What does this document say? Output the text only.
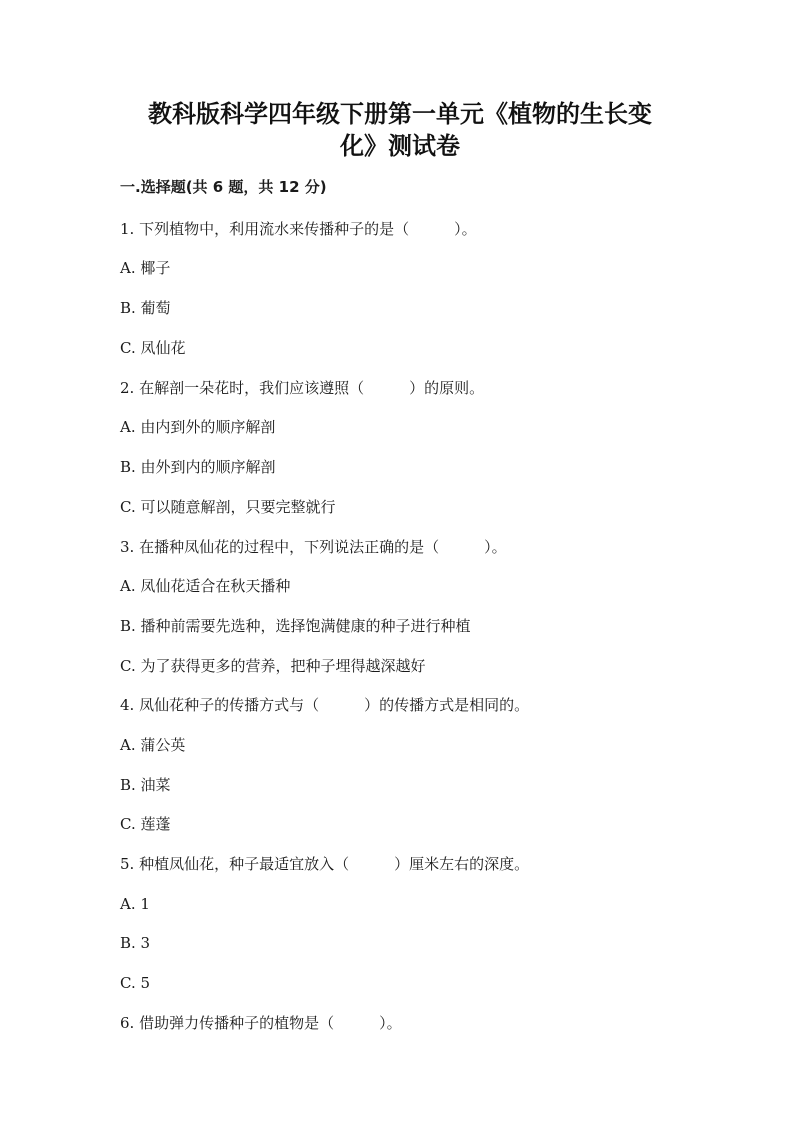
教科版科学四年级下册第一单元《植物的生长变
化》测试卷
一.选择题(共 6 题，共 12 分)
1. 下列植物中，利用流水来传播种子的是（　　　）。
A. 椰子
B. 葡萄
C. 凤仙花
2. 在解剖一朵花时，我们应该遵照（　　　）的原则。
A. 由内到外的顺序解剖
B. 由外到内的顺序解剖
C. 可以随意解剖，只要完整就行
3. 在播种凤仙花的过程中，下列说法正确的是（　　　）。
A. 凤仙花适合在秋天播种
B. 播种前需要先选种，选择饱满健康的种子进行种植
C. 为了获得更多的营养，把种子埋得越深越好
4. 凤仙花种子的传播方式与（　　　）的传播方式是相同的。
A. 蒲公英
B. 油菜
C. 莲蓬
5. 种植凤仙花，种子最适宜放入（　　　）厘米左右的深度。
A. 1
B. 3
C. 5
6. 借助弹力传播种子的植物是（　　　）。
